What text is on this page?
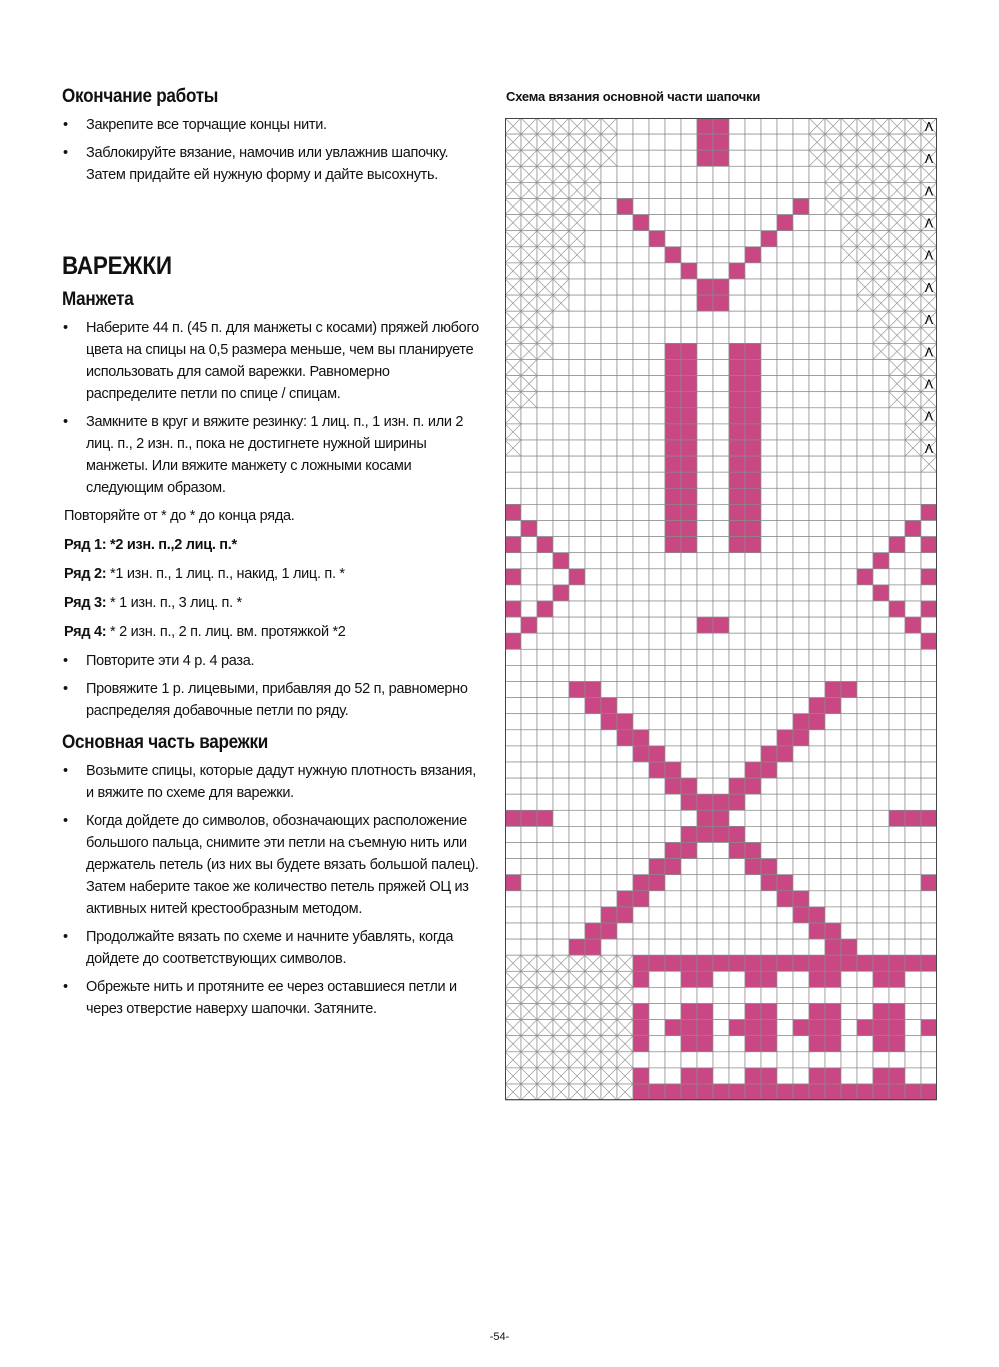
Окончание работы
• Закрепите все торчащие концы нити.
• Заблокируйте вязание, намочив или увлажнив шапочку. Затем придайте ей нужную форму и дайте высохнуть.
ВАРЕЖКИ
Манжета
• Наберите 44 п. (45 п. для манжеты с косами) пряжей любого цвета на спицы на 0,5 размера меньше, чем вы планируете использовать для самой варежки. Равномерно распределите петли по спице / спицам.
• Замкните в круг и вяжите резинку: 1 лиц. п., 1 изн. п. или 2 лиц. п., 2 изн. п., пока не достигнете нужной ширины манжеты. Или вяжите манжету с ложными косами следующим образом.

Повторяйте от * до * до конца ряда.

Ряд 1: *2 изн. п.,2 лиц. п.*

Ряд 2: *1 изн. п., 1 лиц. п., накид, 1 лиц. п. *

Ряд 3: * 1 изн. п., 3 лиц. п. *

Ряд 4: * 2 изн. п., 2 п. лиц. вм. протяжкой *2

• Повторите эти 4 р. 4 раза.
• Провяжите 1 р. лицевыми, прибавляя до 52 п, равномерно распределяя добавочные петли по ряду.
Основная часть варежки
• Возьмите спицы, которые дадут нужную плотность вязания, и вяжите по схеме для варежки.
• Когда дойдете до символов, обозначающих расположение большого пальца, снимите эти петли на съемную нить или держатель петель (из них вы будете вязать большой палец). Затем наберите такое же количество петель пряжей ОЦ из активных нитей крестообразным методом.
• Продолжайте вязать по схеме и начните убавлять, когда дойдете до соответствующих символов.
• Обрежьте нить и протяните ее через оставшиеся петли и через отверстие наверху шапочки. Затяните.
Схема вязания основной части шапочки
Λ
Λ
Λ
Λ
Λ
Λ
Λ
Λ
Λ
Λ
Λ
-54-
